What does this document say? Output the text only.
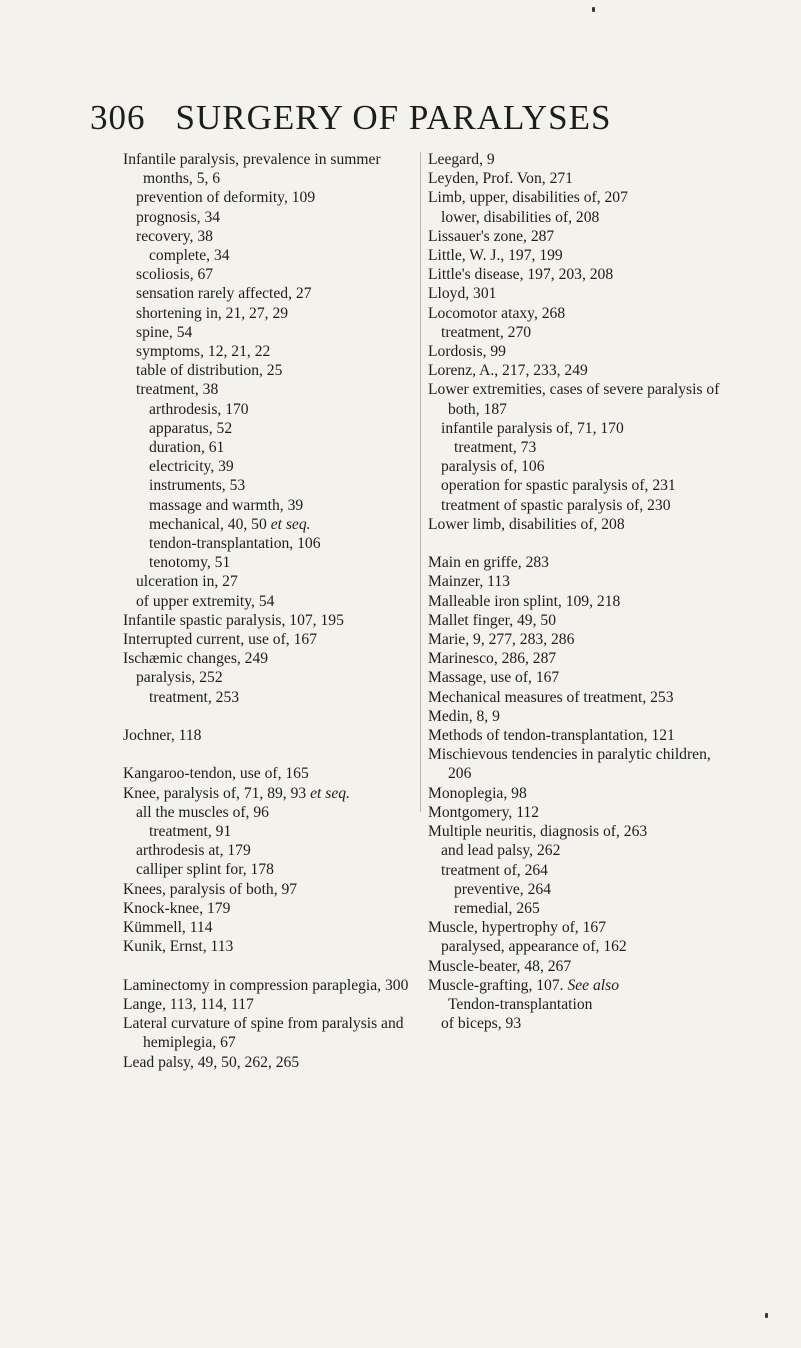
306 SURGERY OF PARALYSES
Infantile paralysis, prevalence in summer months, 5, 6
prevention of deformity, 109
prognosis, 34
recovery, 38
complete, 34
scoliosis, 67
sensation rarely affected, 27
shortening in, 21, 27, 29
spine, 54
symptoms, 12, 21, 22
table of distribution, 25
treatment, 38
arthrodesis, 170
apparatus, 52
duration, 61
electricity, 39
instruments, 53
massage and warmth, 39
mechanical, 40, 50 et seq.
tendon-transplantation, 106
tenotomy, 51
ulceration in, 27
of upper extremity, 54
Infantile spastic paralysis, 107, 195
Interrupted current, use of, 167
Ischæmic changes, 249
paralysis, 252
treatment, 253
Jochner, 118
Kangaroo-tendon, use of, 165
Knee, paralysis of, 71, 89, 93 et seq.
all the muscles of, 96
treatment, 91
arthrodesis at, 179
calliper splint for, 178
Knees, paralysis of both, 97
Knock-knee, 179
Kümmell, 114
Kunik, Ernst, 113
Laminectomy in compression paraplegia, 300
Lange, 113, 114, 117
Lateral curvature of spine from paralysis and hemiplegia, 67
Lead palsy, 49, 50, 262, 265
Leegard, 9
Leyden, Prof. Von, 271
Limb, upper, disabilities of, 207
lower, disabilities of, 208
Lissauer's zone, 287
Little, W. J., 197, 199
Little's disease, 197, 203, 208
Lloyd, 301
Locomotor ataxy, 268
treatment, 270
Lordosis, 99
Lorenz, A., 217, 233, 249
Lower extremities, cases of severe paralysis of both, 187
infantile paralysis of, 71, 170
treatment, 73
paralysis of, 106
operation for spastic paralysis of, 231
treatment of spastic paralysis of, 230
Lower limb, disabilities of, 208
Main en griffe, 283
Mainzer, 113
Malleable iron splint, 109, 218
Mallet finger, 49, 50
Marie, 9, 277, 283, 286
Marinesco, 286, 287
Massage, use of, 167
Mechanical measures of treatment, 253
Medin, 8, 9
Methods of tendon-transplantation, 121
Mischievous tendencies in paralytic children, 206
Monoplegia, 98
Montgomery, 112
Multiple neuritis, diagnosis of, 263
and lead palsy, 262
treatment of, 264
preventive, 264
remedial, 265
Muscle, hypertrophy of, 167
paralysed, appearance of, 162
Muscle-beater, 48, 267
Muscle-grafting, 107. See also
Tendon-transplantation
of biceps, 93
